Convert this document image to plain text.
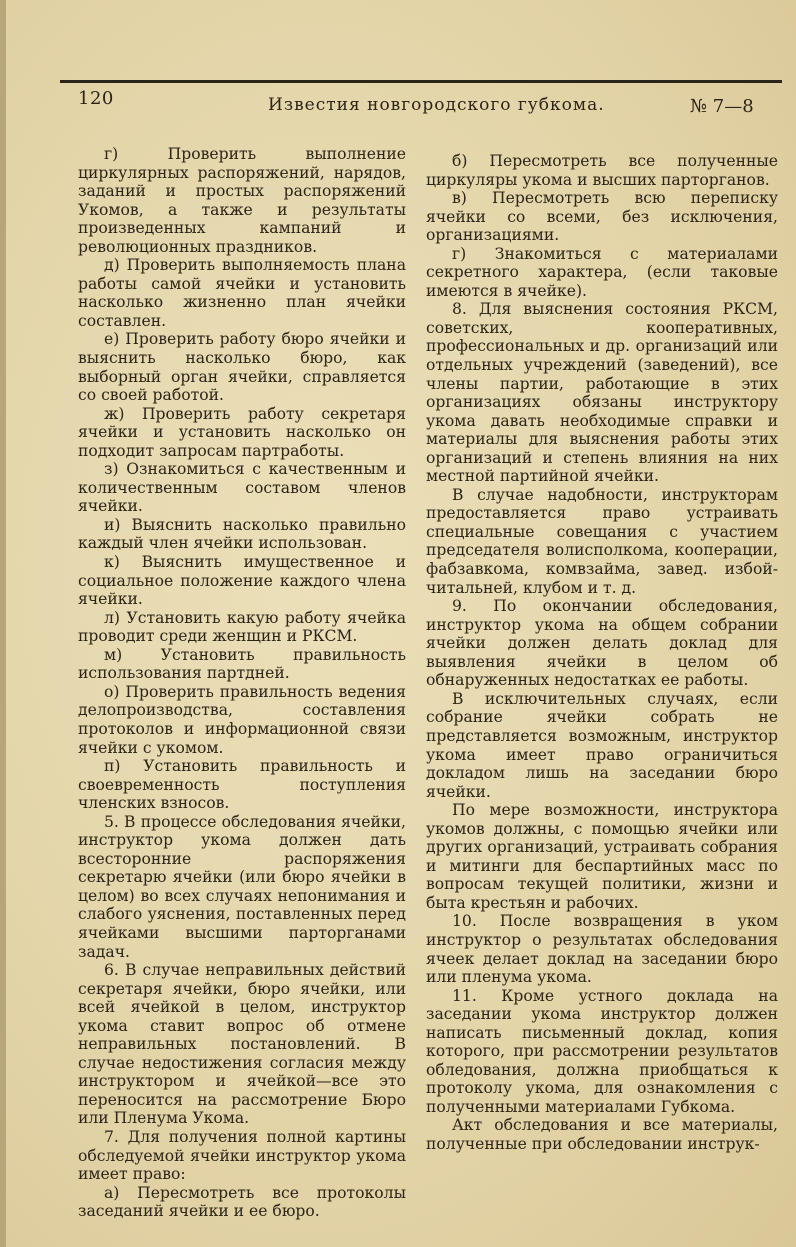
120	Известия новгородского губкома.	№ 7—8

г) Проверить выполнение циркулярных распоряжений, нарядов, заданий и простых распоряжений Укомов, а также и результаты произведенных кампаний и революционных праздников.

д) Проверить выполняемость плана работы самой ячейки и установить насколько жизненно план ячейки составлен.

е) Проверить работу бюро ячейки и выяснить насколько бюро, как выборный орган ячейки, справляется со своей работой.

ж) Проверить работу секретаря ячейки и установить насколько он подходит запросам партработы.

з) Ознакомиться с качественным и количественным составом членов ячейки.

и) Выяснить насколько правильно каждый член ячейки использован.

к) Выяснить имущественное и социальное положение каждого члена ячейки.

л) Установить какую работу ячейка проводит среди женщин и РКСМ.

м) Установить правильность использования партдней.

о) Проверить правильность ведения делопроизводства, составления протоколов и информационной связи ячейки с укомом.

п) Установить правильность и своевременность поступления членских взносов.

5. В процессе обследования ячейки, инструктор укома должен дать всесторонние распоряжения секретарю ячейки (или бюро ячейки в целом) во всех случаях непонимания и слабого уяснения, поставленных перед ячейками высшими парторганами задач.

6. В случае неправильных действий секретаря ячейки, бюро ячейки, или всей ячейкой в целом, инструктор укома ставит вопрос об отмене неправильных постановлений. В случае недостижения согласия между инструктором и ячейкой—все это переносится на рассмотрение Бюро или Пленума Укома.

7. Для получения полной картины обследуемой ячейки инструктор укома имеет право:

а) Пересмотреть все протоколы заседаний ячейки и ее бюро.

б) Пересмотреть все полученные циркуляры укома и высших парторганов.

в) Пересмотреть всю переписку ячейки со всеми, без исключения, организациями.

г) Знакомиться с материалами секретного характера, (если таковые имеются в ячейке).

8. Для выяснения состояния РКСМ, советских, кооперативных, профессиональных и др. организаций или отдельных учреждений (заведений), все члены партии, работающие в этих организациях обязаны инструктору укома давать необходимые справки и материалы для выяснения работы этих организаций и степень влияния на них местной партийной ячейки.

В случае надобности, инструкторам предоставляется право устраивать специальные совещания с участием председателя волисполкома, кооперации, фабзавкома, комвзайма, завед. избой-читальней, клубом и т. д.

9. По окончании обследования, инструктор укома на общем собрании ячейки должен делать доклад для выявления ячейки в целом об обнаруженных недостатках ее работы.

В исключительных случаях, если собрание ячейки собрать не представляется возможным, инструктор укома имеет право ограничиться докладом лишь на заседании бюро ячейки.

По мере возможности, инструктора укомов должны, с помощью ячейки или других организаций, устраивать собрания и митинги для беспартийных масс по вопросам текущей политики, жизни и быта крестьян и рабочих.

10. После возвращения в уком инструктор о результатах обследования ячеек делает доклад на заседании бюро или пленума укома.

11. Кроме устного доклада на заседании укома инструктор должен написать письменный доклад, копия которого, при рассмотрении результатов обледования, должна приобщаться к протоколу укома, для ознакомления с полученными материалами Губкома.

Акт обследования и все материалы, полученные при обследовании инструк-
